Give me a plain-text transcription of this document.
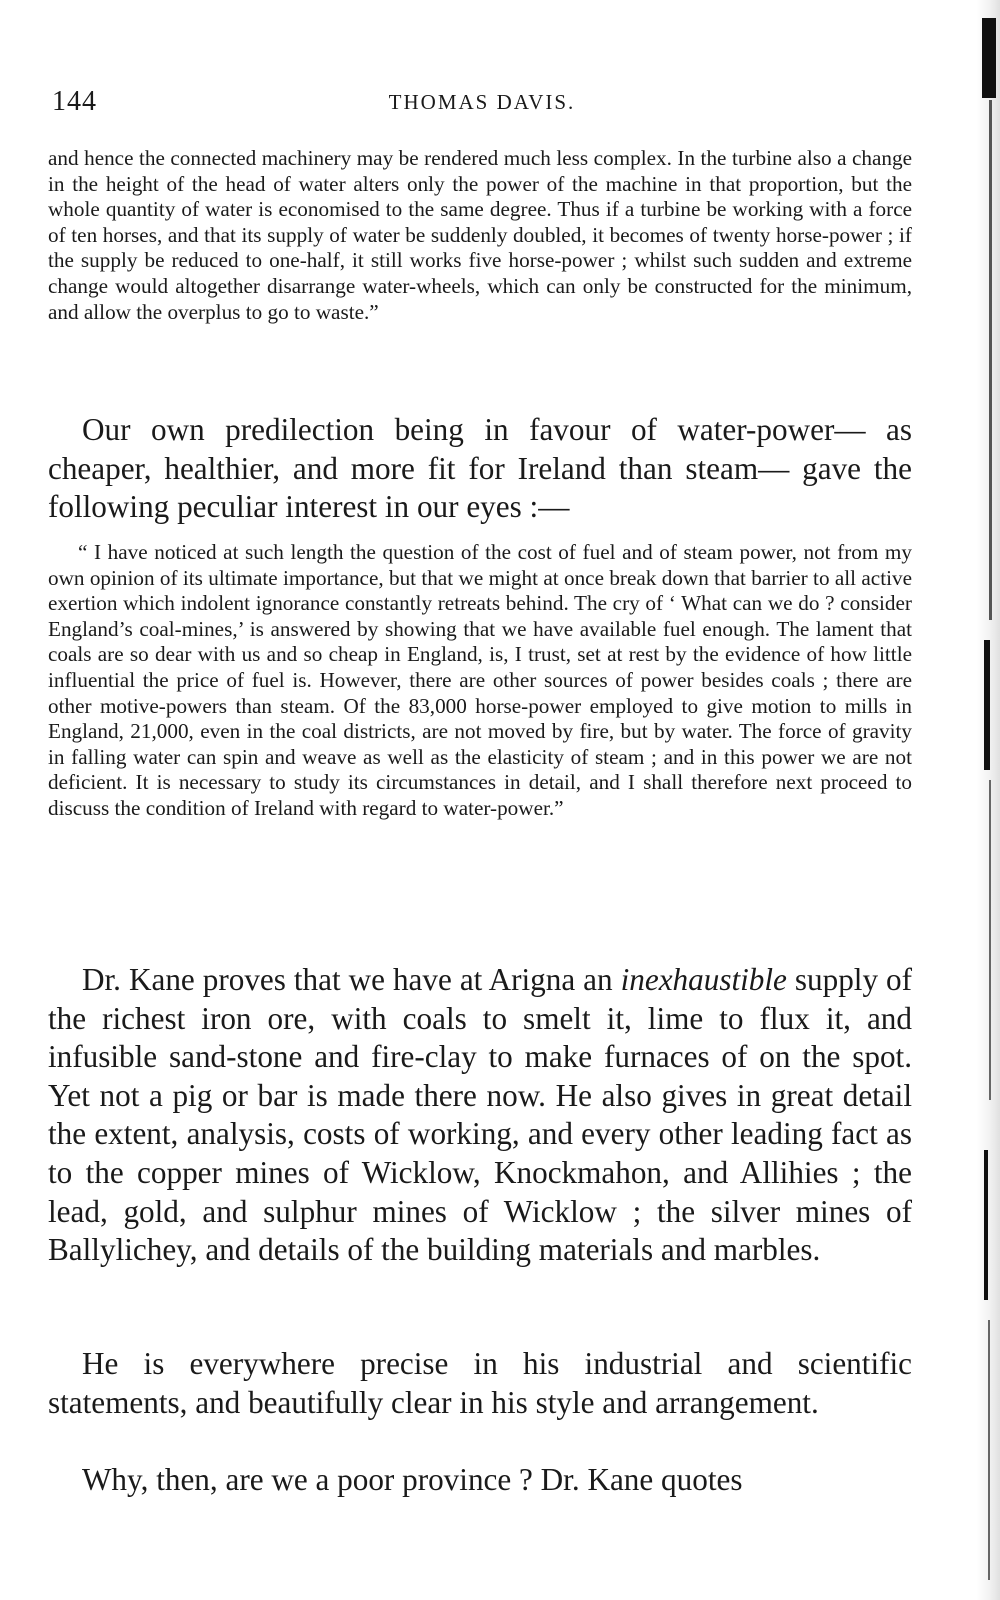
144	THOMAS DAVIS.

and hence the connected machinery may be rendered much less complex. In the turbine also a change in the height of the head of water alters only the power of the machine in that proportion, but the whole quantity of water is economised to the same degree. Thus if a turbine be working with a force of ten horses, and that its supply of water be suddenly doubled, it becomes of twenty horse-power ; if the supply be reduced to one-half, it still works five horse-power ; whilst such sudden and extreme change would altogether disarrange water-wheels, which can only be constructed for the minimum, and allow the overplus to go to waste.”

Our own predilection being in favour of water-power— as cheaper, healthier, and more fit for Ireland than steam— gave the following peculiar interest in our eyes :—

“ I have noticed at such length the question of the cost of fuel and of steam power, not from my own opinion of its ultimate importance, but that we might at once break down that barrier to all active exertion which indolent ignorance constantly retreats behind. The cry of ‘ What can we do ? consider England’s coal-mines,’ is answered by showing that we have available fuel enough. The lament that coals are so dear with us and so cheap in England, is, I trust, set at rest by the evidence of how little influential the price of fuel is. However, there are other sources of power besides coals ; there are other motive-powers than steam. Of the 83,000 horse-power employed to give motion to mills in England, 21,000, even in the coal districts, are not moved by fire, but by water. The force of gravity in falling water can spin and weave as well as the elasticity of steam ; and in this power we are not deficient. It is necessary to study its circumstances in detail, and I shall therefore next proceed to discuss the condition of Ireland with regard to water-power.”

Dr. Kane proves that we have at Arigna an inexhaustible supply of the richest iron ore, with coals to smelt it, lime to flux it, and infusible sand-stone and fire-clay to make furnaces of on the spot. Yet not a pig or bar is made there now. He also gives in great detail the extent, analysis, costs of working, and every other leading fact as to the copper mines of Wicklow, Knockmahon, and Allihies ; the lead, gold, and sulphur mines of Wicklow ; the silver mines of Ballylichey, and details of the building materials and marbles.

He is everywhere precise in his industrial and scientific statements, and beautifully clear in his style and arrangement.

Why, then, are we a poor province ? Dr. Kane quotes
